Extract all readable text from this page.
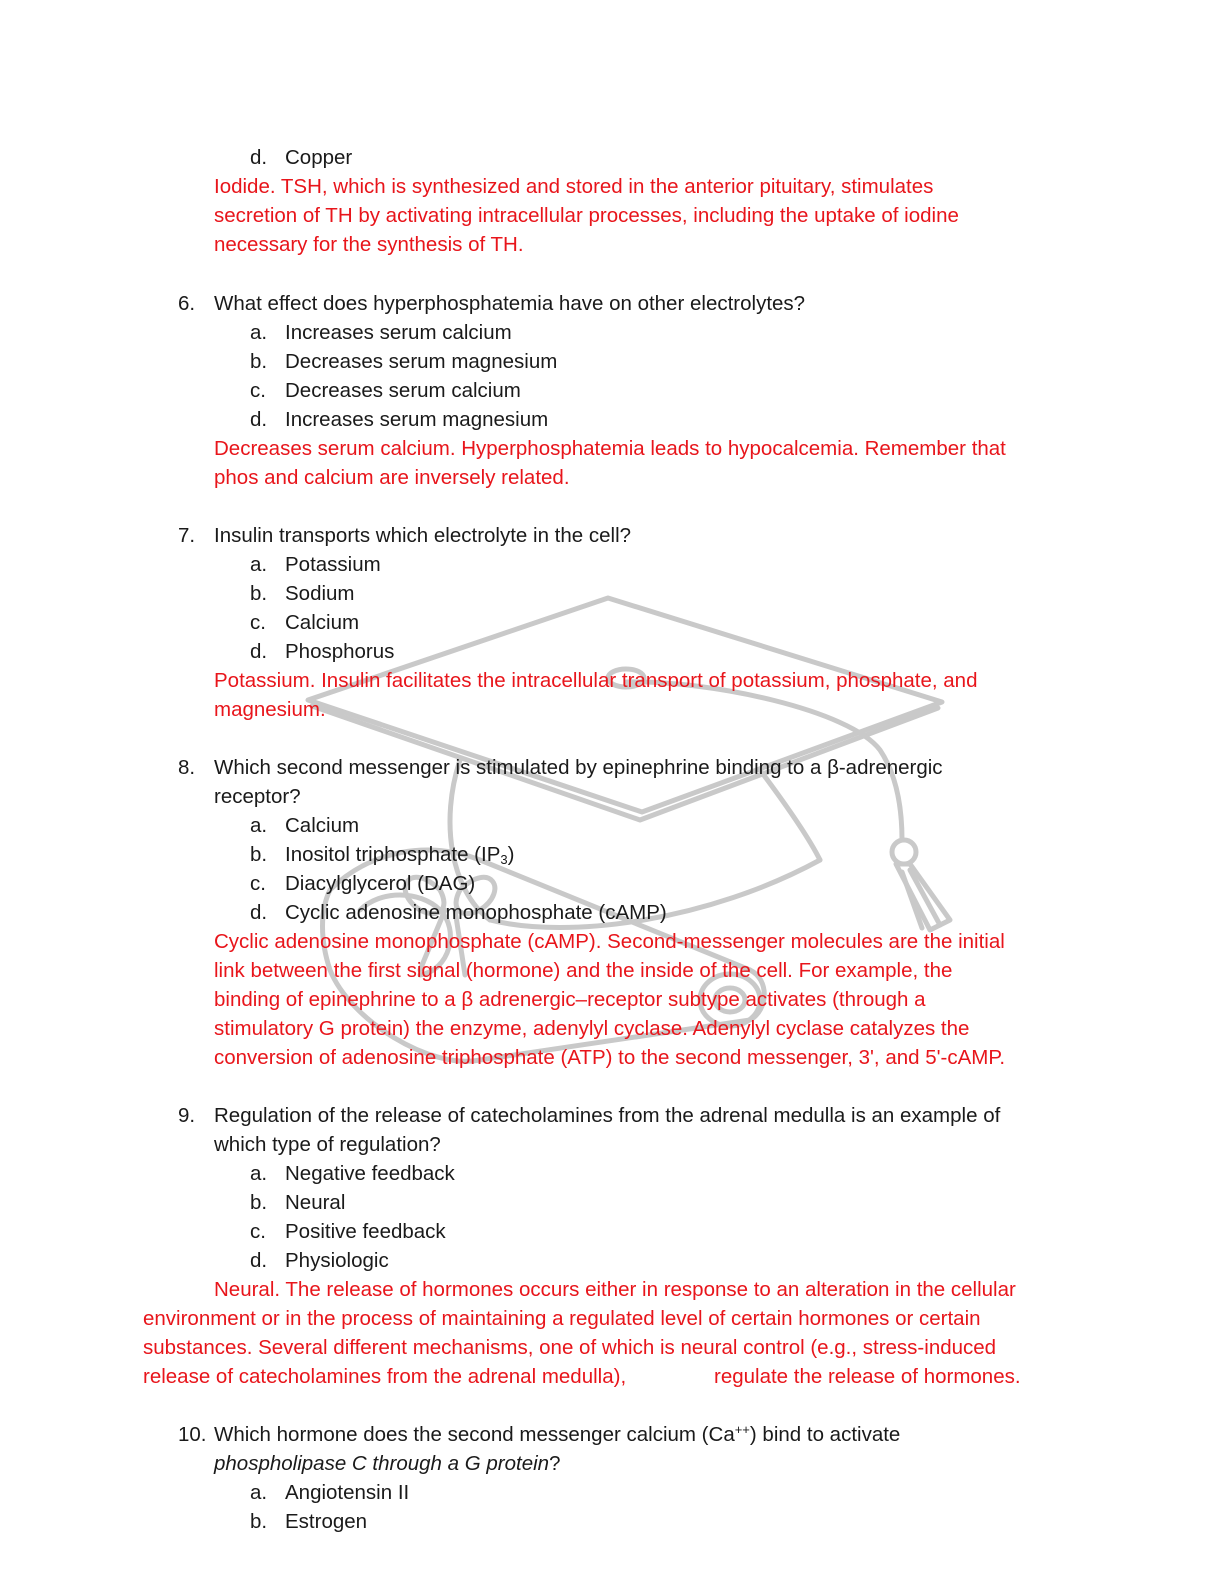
d. Copper
Iodide. TSH, which is synthesized and stored in the anterior pituitary, stimulates
secretion of TH by activating intracellular processes, including the uptake of iodine
necessary for the synthesis of TH.
6. What effect does hyperphosphatemia have on other electrolytes?
a. Increases serum calcium
b. Decreases serum magnesium
c. Decreases serum calcium
d. Increases serum magnesium
Decreases serum calcium. Hyperphosphatemia leads to hypocalcemia. Remember that
phos and calcium are inversely related.
7. Insulin transports which electrolyte in the cell?
a. Potassium
b. Sodium
c. Calcium
d. Phosphorus
Potassium. Insulin facilitates the intracellular transport of potassium, phosphate, and
magnesium.
8. Which second messenger is stimulated by epinephrine binding to a β-adrenergic
receptor?
a. Calcium
b. Inositol triphosphate $(IP_3)$
c. Diacylglycerol (DAG)
d. Cyclic adenosine monophosphate (cAMP)
Cyclic adenosine monophosphate (cAMP). Second-messenger molecules are the initial
link between the first signal (hormone) and the inside of the cell. For example, the
binding of epinephrine to a β adrenergic–receptor subtype activates (through a
stimulatory G protein) the enzyme, adenylyl cyclase. Adenylyl cyclase catalyzes the
conversion of adenosine triphosphate (ATP) to the second messenger, 3', and 5'-cAMP.
9. Regulation of the release of catecholamines from the adrenal medulla is an example of
which type of regulation?
a. Negative feedback
b. Neural
c. Positive feedback
d. Physiologic
Neural. The release of hormones occurs either in response to an alteration in the cellular
environment or in the process of maintaining a regulated level of certain hormones or certain
substances. Several different mechanisms, one of which is neural control (e.g., stress-induced
release of catecholamines from the adrenal medulla),	regulate the release of hormones.
10. Which hormone does the second messenger calcium (Ca++) bind to activate
phospholipase C through a G protein?
a. Angiotensin II
b. Estrogen
